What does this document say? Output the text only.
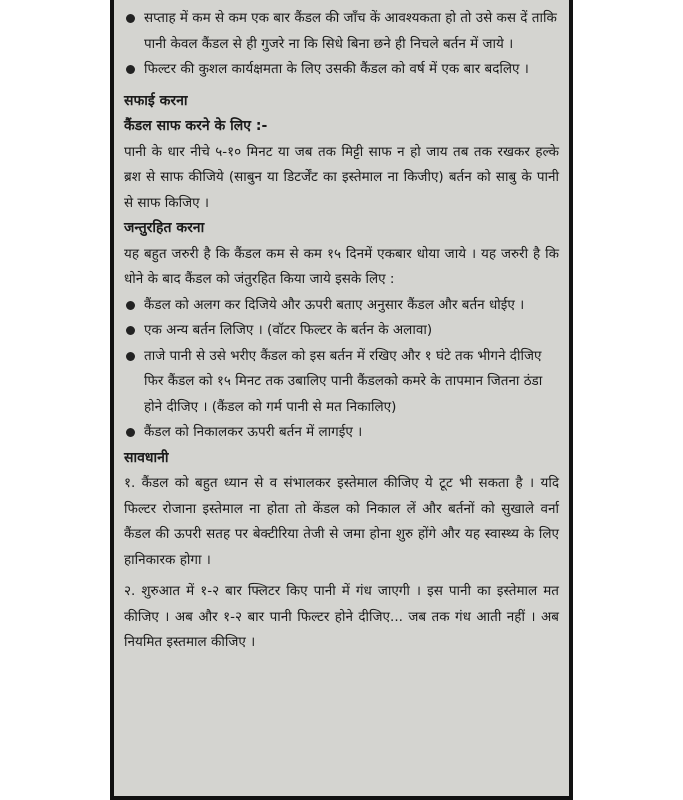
सप्ताह में कम से कम एक बार कैंडल की जाँच कें आवश्यकता हो तो उसे कस दें ताकि पानी केवल कैंडल से ही गुजरे ना कि सिधे बिना छने ही निचले बर्तन में जाये ।
फिल्टर की कुशल कार्यक्षमता के लिए उसकी कैंडल को वर्ष में एक बार बदलिए ।
सफाई करना
कैंडल साफ करने के लिए :-
पानी के धार नीचे ५-१० मिनट या जब तक मिट्टी साफ न हो जाय तब तक रखकर हल्के ब्रश से साफ कीजिये (साबुन या डिटर्जेंट का इस्तेमाल ना किजीए) बर्तन को साबु के पानी से साफ किजिए ।
जन्तुरहित करना
यह बहुत जरुरी है कि कैंडल कम से कम १५ दिनमें एकबार धोया जाये । यह जरुरी है कि धोने के बाद कैंडल को जंतुरहित किया जाये इसके लिए :
कैंडल को अलग कर दिजिये और ऊपरी बताए अनुसार कैंडल और बर्तन धोईए ।
एक अन्य बर्तन लिजिए । (वॉटर फिल्टर के बर्तन के अलावा)
ताजे पानी से उसे भरीए कैंडल को इस बर्तन में रखिए और १ घंटे तक भीगने दीजिए फिर कैंडल को १५ मिनट तक उबालिए पानी कैंडलको कमरे के तापमान जितना ठंडा होने दीजिए । (कैंडल को गर्म पानी से मत निकालिए)
कैंडल को निकालकर ऊपरी बर्तन में लागईए ।
सावधानी
१. कैंडल को बहुत ध्यान से व संभालकर इस्तेमाल कीजिए ये टूट भी सकता है । यदि फिल्टर रोजाना इस्तेमाल ना होता तो केंडल को निकाल लें और बर्तनों को सुखाले वर्ना कैंडल की ऊपरी सतह पर बेक्टीरिया तेजी से जमा होना शुरु होंगे और यह स्वास्थ्य के लिए हानिकारक होगा ।
२. शुरुआत में १-२ बार फ्लिटर किए पानी में गंध जाएगी । इस पानी का इस्तेमाल मत कीजिए । अब और १-२ बार पानी फिल्टर होने दीजिए... जब तक गंध आती नहीं । अब नियमित इस्तमाल कीजिए ।
